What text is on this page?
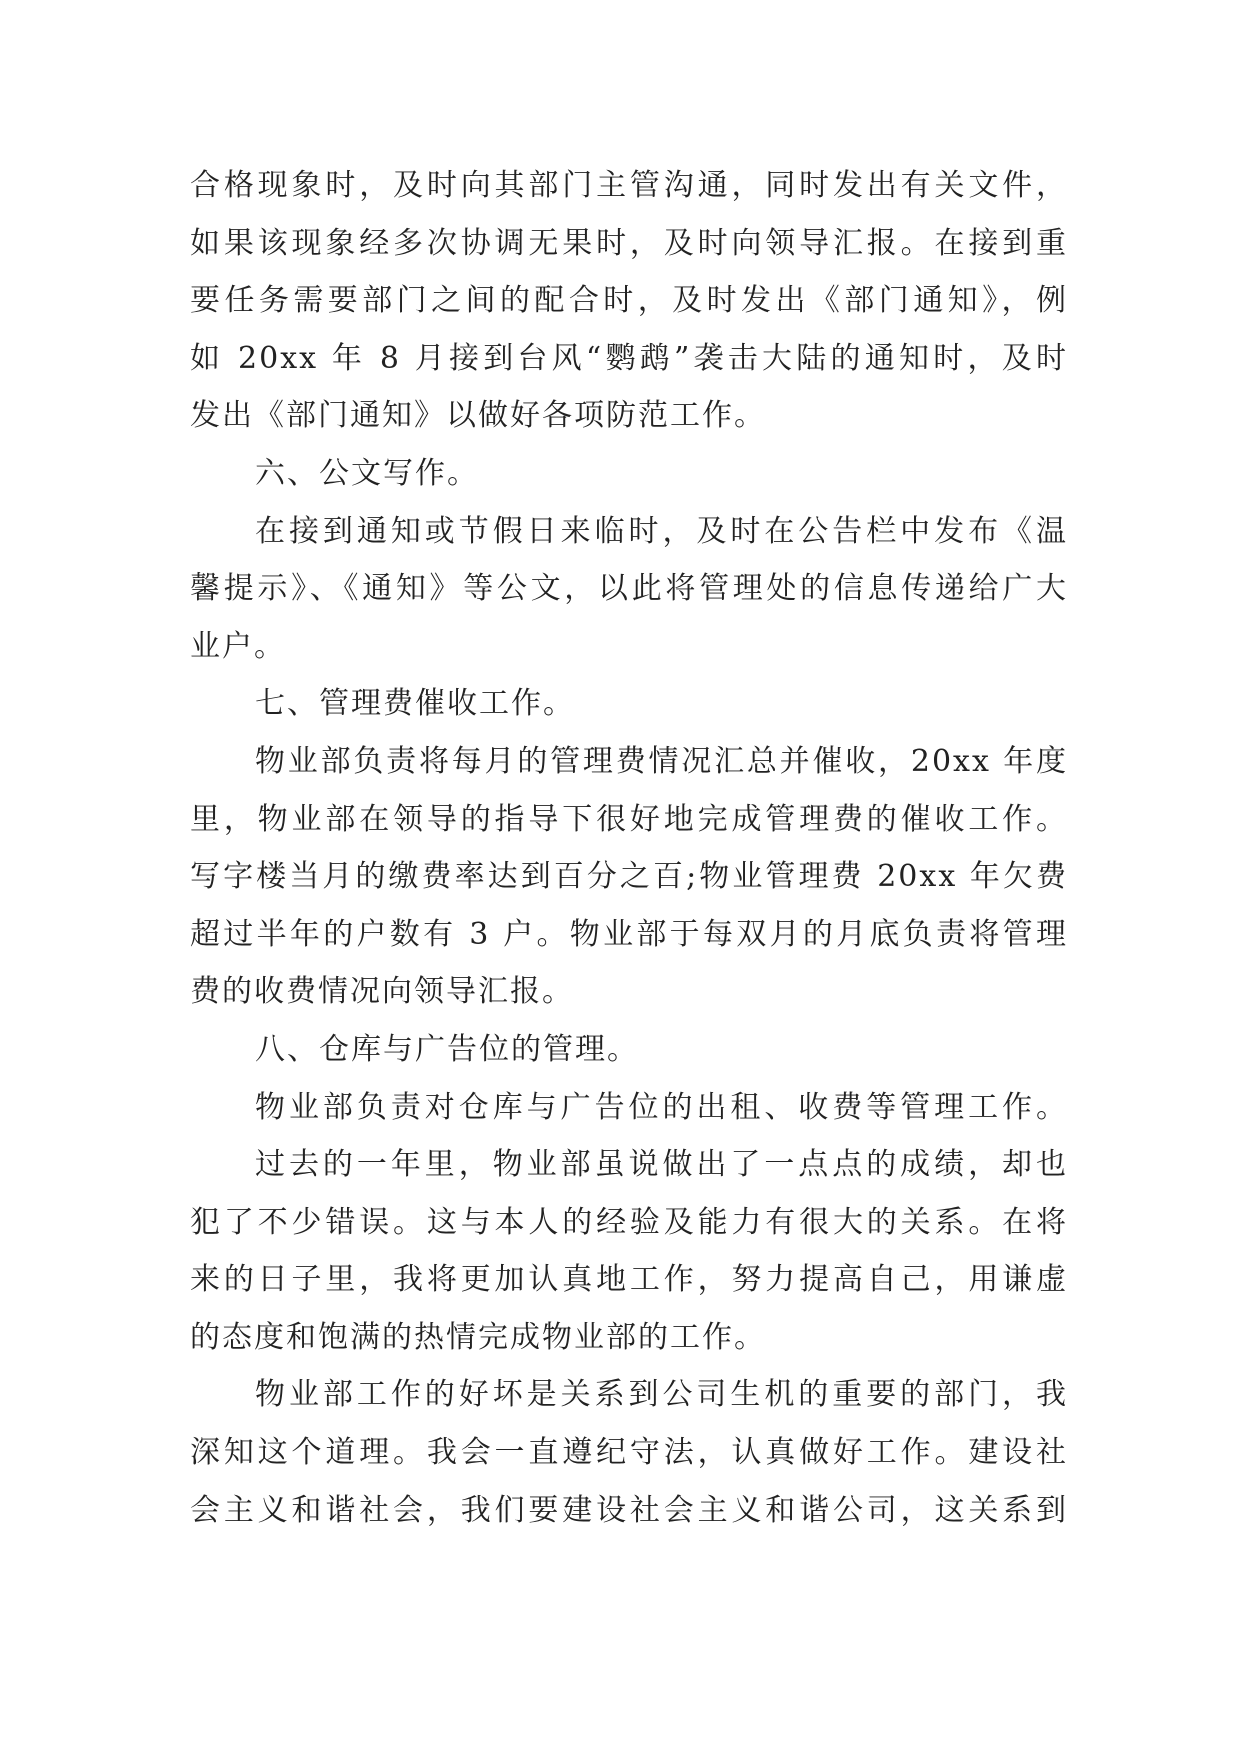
合格现象时，及时向其部门主管沟通，同时发出有关文件，
如果该现象经多次协调无果时，及时向领导汇报。在接到重
要任务需要部门之间的配合时，及时发出《部门通知》，例
如 20xx 年 8 月接到台风“鹦鹉”袭击大陆的通知时，及时
发出《部门通知》以做好各项防范工作。
六、公文写作。
在接到通知或节假日来临时，及时在公告栏中发布《温
馨提示》、《通知》等公文，以此将管理处的信息传递给广大
业户。
七、管理费催收工作。
物业部负责将每月的管理费情况汇总并催收，20xx 年度
里，物业部在领导的指导下很好地完成管理费的催收工作。
写字楼当月的缴费率达到百分之百;物业管理费 20xx 年欠费
超过半年的户数有 3 户。物业部于每双月的月底负责将管理
费的收费情况向领导汇报。
八、仓库与广告位的管理。
物业部负责对仓库与广告位的出租、收费等管理工作。
过去的一年里，物业部虽说做出了一点点的成绩，却也
犯了不少错误。这与本人的经验及能力有很大的关系。在将
来的日子里，我将更加认真地工作，努力提高自己，用谦虚
的态度和饱满的热情完成物业部的工作。
物业部工作的好坏是关系到公司生机的重要的部门，我
深知这个道理。我会一直遵纪守法，认真做好工作。建设社
会主义和谐社会，我们要建设社会主义和谐公司，这关系到
